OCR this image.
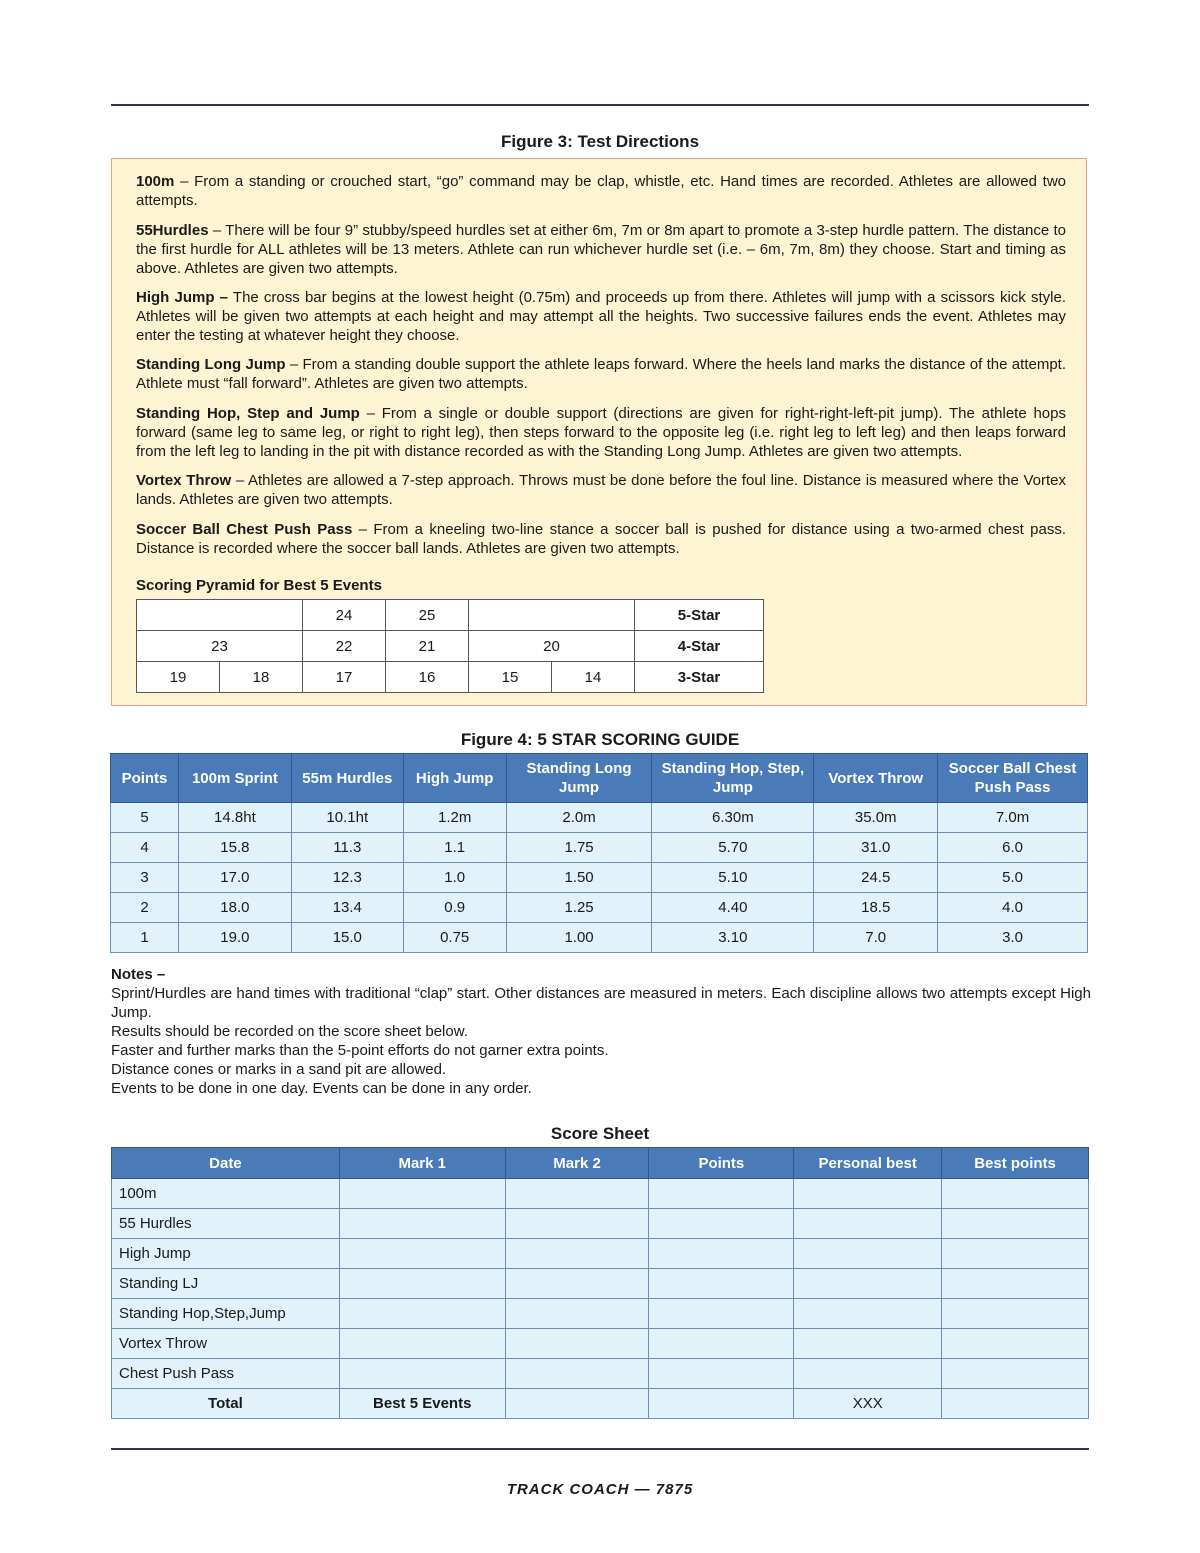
Figure 3: Test Directions

100m – From a standing or crouched start, “go” command may be clap, whistle, etc. Hand times are recorded. Athletes are allowed two attempts.

55Hurdles – There will be four 9” stubby/speed hurdles set at either 6m, 7m or 8m apart to promote a 3-step hurdle pattern. The distance to the first hurdle for ALL athletes will be 13 meters. Athlete can run whichever hurdle set (i.e. – 6m, 7m, 8m) they choose. Start and timing as above. Athletes are given two attempts.

High Jump – The cross bar begins at the lowest height (0.75m) and proceeds up from there. Athletes will jump with a scissors kick style. Athletes will be given two attempts at each height and may attempt all the heights. Two successive failures ends the event. Athletes may enter the testing at whatever height they choose.

Standing Long Jump – From a standing double support the athlete leaps forward. Where the heels land marks the distance of the attempt. Athlete must “fall forward”. Athletes are given two attempts.

Standing Hop, Step and Jump – From a single or double support (directions are given for right-right-left-pit jump). The athlete hops forward (same leg to same leg, or right to right leg), then steps forward to the opposite leg (i.e. right leg to left leg) and then leaps forward from the left leg to landing in the pit with distance recorded as with the Standing Long Jump. Athletes are given two attempts.

Vortex Throw – Athletes are allowed a 7-step approach. Throws must be done before the foul line. Distance is measured where the Vortex lands. Athletes are given two attempts.

Soccer Ball Chest Push Pass – From a kneeling two-line stance a soccer ball is pushed for distance using a two-armed chest pass. Distance is recorded where the soccer ball lands. Athletes are given two attempts.

Scoring Pyramid for Best 5 Events
		24	25			5-Star
23		22	21	20		4-Star
19	18	17	16	15	14	3-Star
Figure 4: 5 STAR SCORING GUIDE
Points	100m Sprint	55m Hurdles	High Jump	Standing Long Jump	Standing Hop, Step, Jump	Vortex Throw	Soccer Ball Chest Push Pass
5	14.8ht	10.1ht	1.2m	2.0m	6.30m	35.0m	7.0m
4	15.8	11.3	1.1	1.75	5.70	31.0	6.0
3	17.0	12.3	1.0	1.50	5.10	24.5	5.0
2	18.0	13.4	0.9	1.25	4.40	18.5	4.0
1	19.0	15.0	0.75	1.00	3.10	7.0	3.0

Notes –

Sprint/Hurdles are hand times with traditional “clap” start. Other distances are measured in meters. Each discipline allows two attempts except High Jump.

Results should be recorded on the score sheet below.

Faster and further marks than the 5-point efforts do not garner extra points.

Distance cones or marks in a sand pit are allowed.

Events to be done in one day. Events can be done in any order.

Score Sheet
Date	Mark 1	Mark 2	Points	Personal best	Best points
100m					
55 Hurdles					
High Jump					
Standing LJ					
Standing Hop,Step,Jump					
Vortex Throw					
Chest Push Pass					
Total	Best 5 Events			XXX	
TRACK COACH — 7875
